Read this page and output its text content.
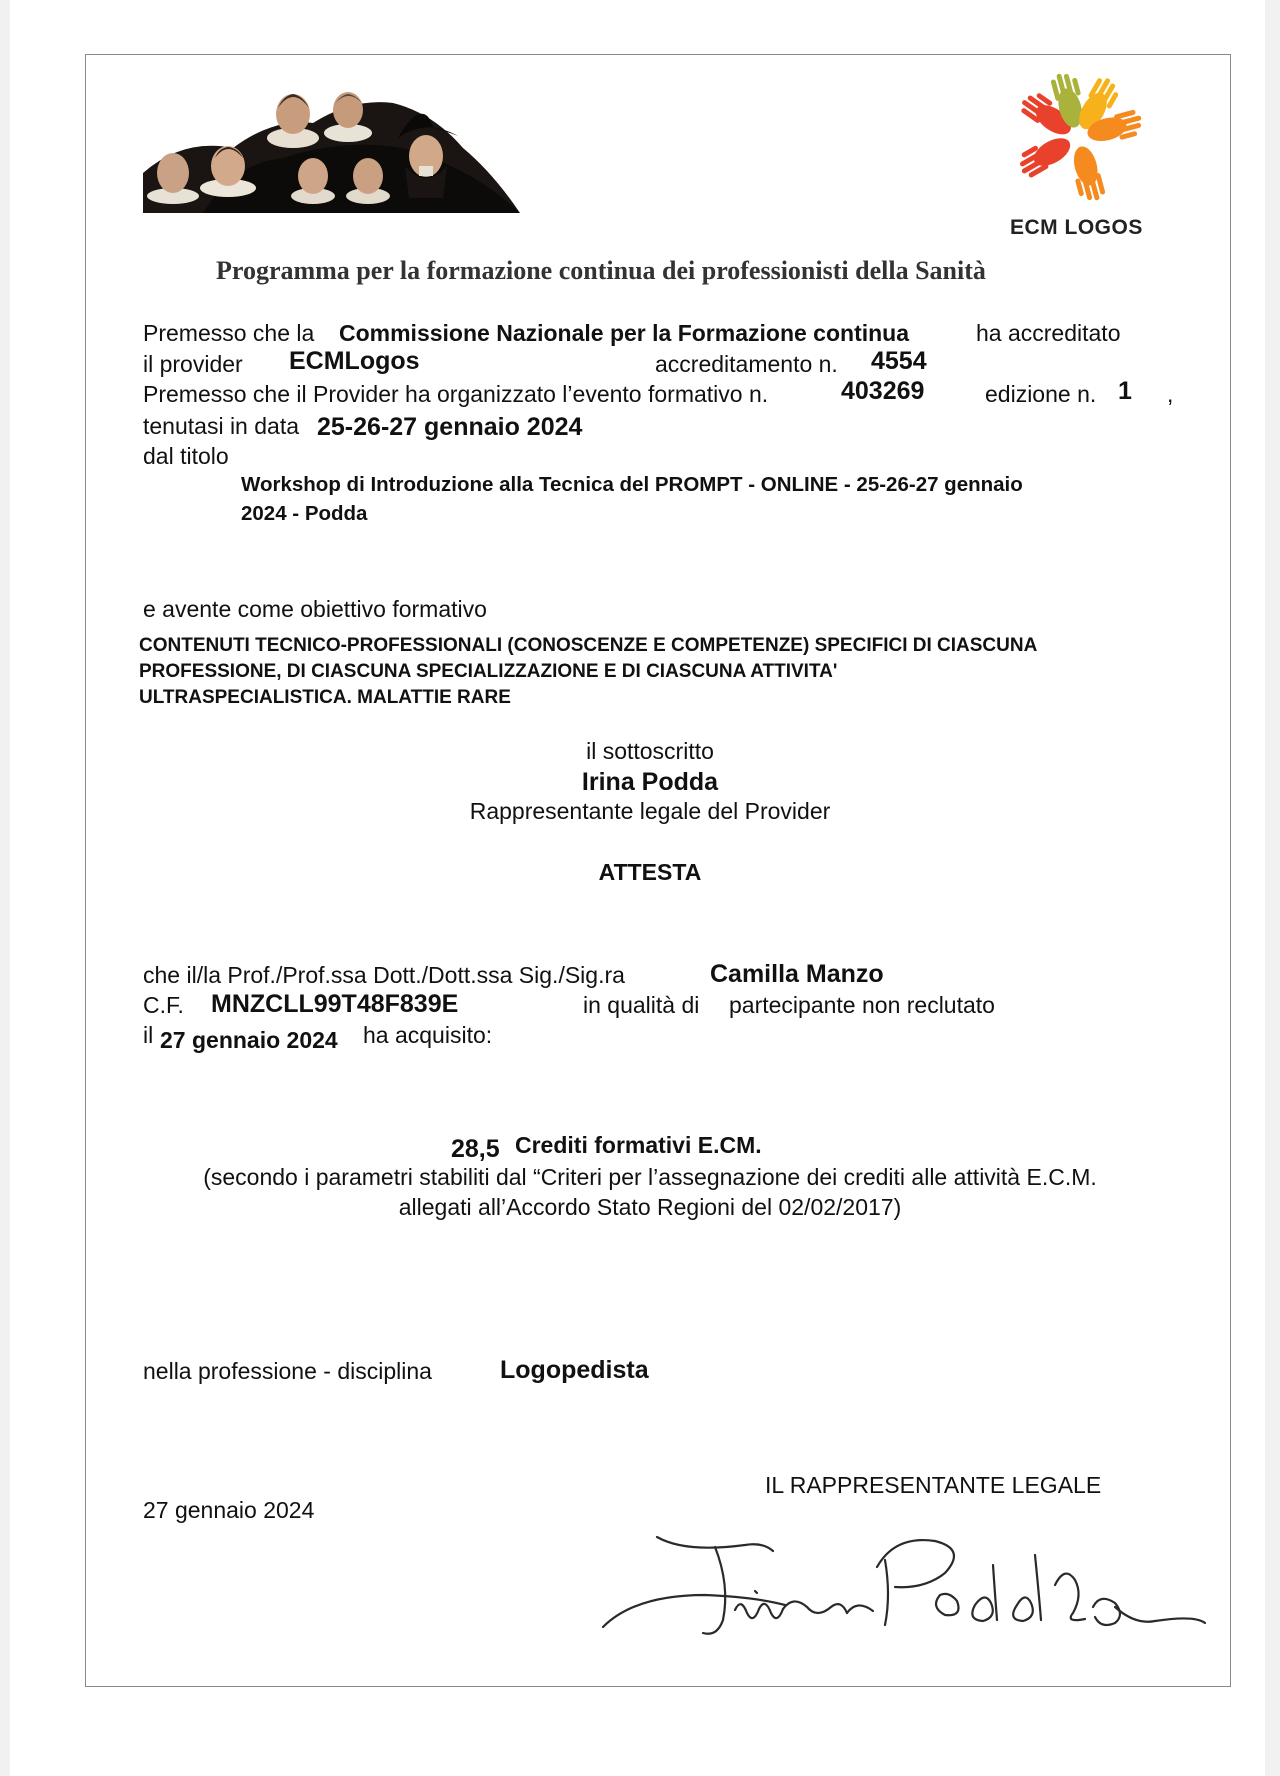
ECM LOGOS
Programma per la formazione continua dei professionisti della Sanità
Premesso che la Commissione Nazionale per la Formazione continua	ha accreditato
il provider ECMLogos	accreditamento n. 4554
Premesso che il Provider ha organizzato l’evento formativo n.	403269	edizione n. 1 ,
tenutasi in data 25-26-27 gennaio 2024
dal titolo
Workshop di Introduzione alla Tecnica del PROMPT - ONLINE - 25-26-27 gennaio
2024 - Podda
e avente come obiettivo formativo
CONTENUTI TECNICO-PROFESSIONALI (CONOSCENZE E COMPETENZE) SPECIFICI DI CIASCUNA
PROFESSIONE, DI CIASCUNA SPECIALIZZAZIONE E DI CIASCUNA ATTIVITA'
ULTRASPECIALISTICA. MALATTIE RARE
il sottoscritto
Irina Podda
Rappresentante legale del Provider
ATTESTA
che il/la Prof./Prof.ssa Dott./Dott.ssa Sig./Sig.ra	Camilla Manzo
C.F. MNZCLL99T48F839E	in qualità di partecipante non reclutato
il 27 gennaio 2024 ha acquisito:
28,5 Crediti formativi E.CM.
(secondo i parametri stabiliti dal “Criteri per l’assegnazione dei crediti alle attività E.C.M.
allegati all’Accordo Stato Regioni del 02/02/2017)
nella professione - disciplina	Logopedista
IL RAPPRESENTANTE LEGALE
27 gennaio 2024
